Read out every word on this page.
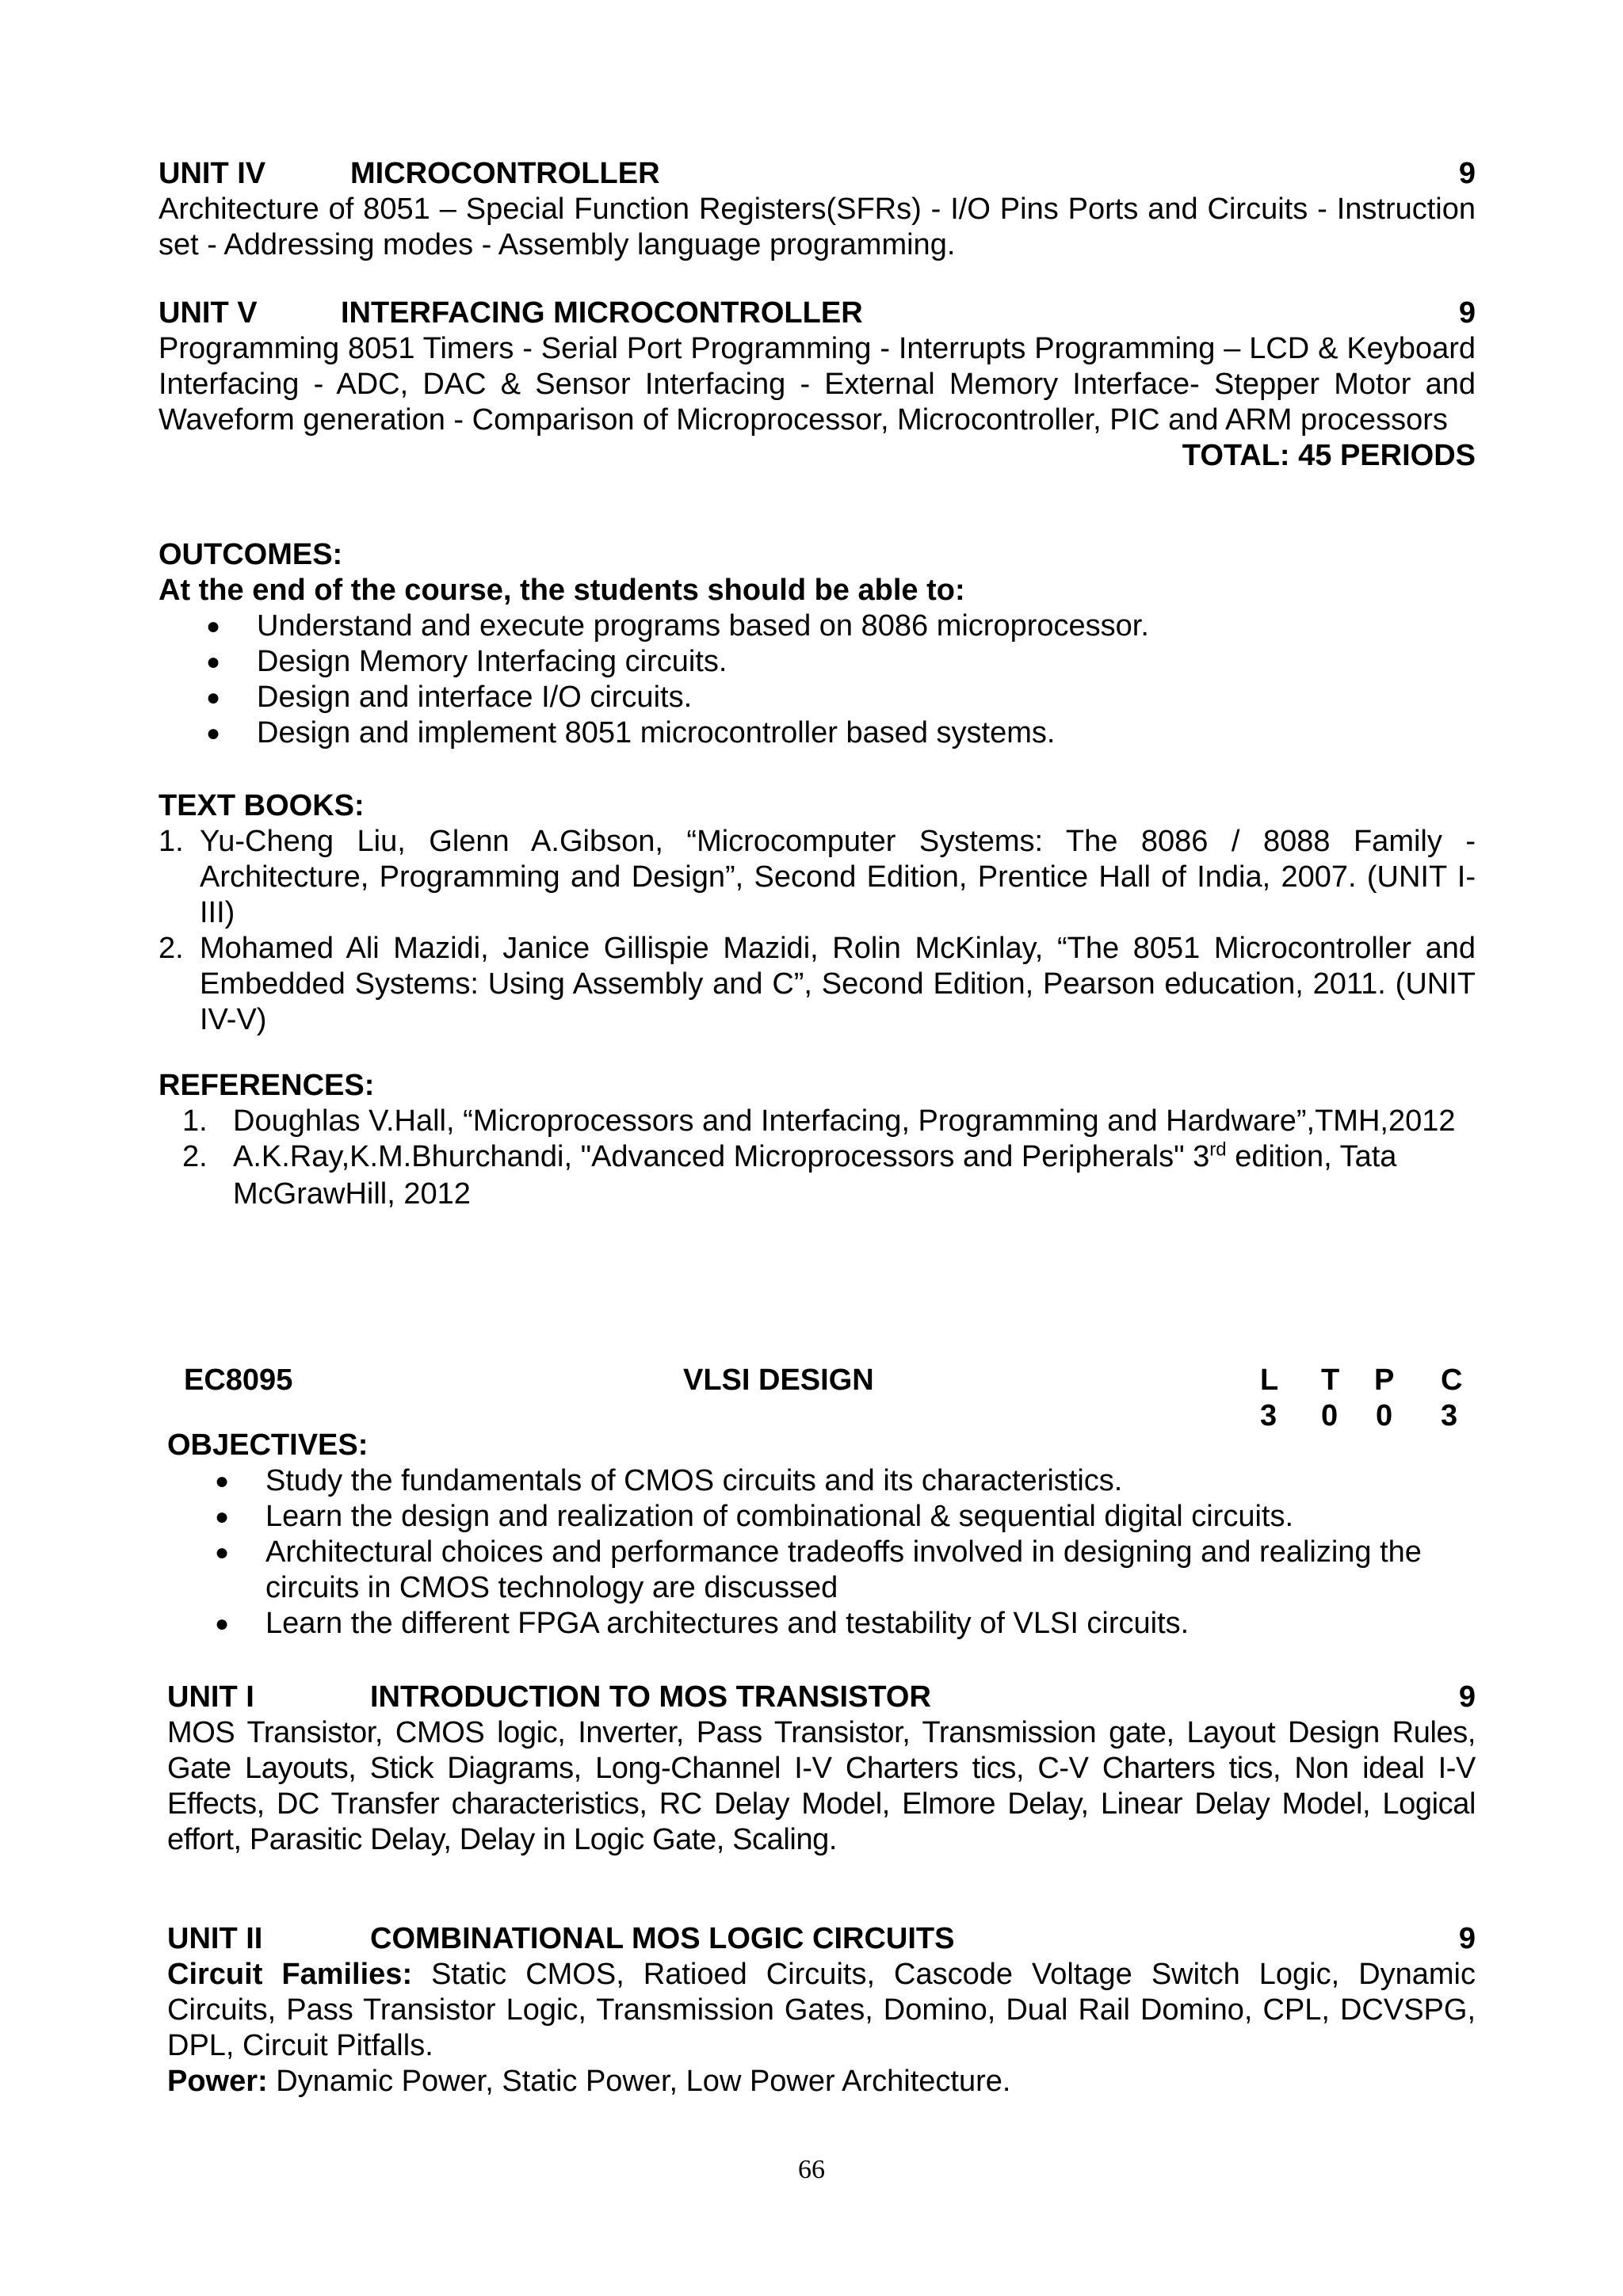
UNIT IV	MICROCONTROLLER	9
Architecture of 8051 – Special Function Registers(SFRs) - I/O Pins Ports and Circuits - Instruction set - Addressing modes - Assembly language programming.
UNIT V	INTERFACING MICROCONTROLLER	9
Programming 8051 Timers - Serial Port Programming - Interrupts Programming – LCD & Keyboard Interfacing - ADC, DAC & Sensor Interfacing - External Memory Interface- Stepper Motor and Waveform generation - Comparison of Microprocessor, Microcontroller, PIC and ARM processors
TOTAL: 45 PERIODS
OUTCOMES:
At the end of the course, the students should be able to:
● Understand and execute programs based on 8086 microprocessor.
● Design Memory Interfacing circuits.
● Design and interface I/O circuits.
● Design and implement 8051 microcontroller based systems.
TEXT BOOKS:
1. Yu-Cheng Liu, Glenn A.Gibson, “Microcomputer Systems: The 8086 / 8088 Family - Architecture, Programming and Design”, Second Edition, Prentice Hall of India, 2007. (UNIT I-III)
2. Mohamed Ali Mazidi, Janice Gillispie Mazidi, Rolin McKinlay, “The 8051 Microcontroller and Embedded Systems: Using Assembly and C”, Second Edition, Pearson education, 2011. (UNIT IV-V)
REFERENCES:
1. Doughlas V.Hall, “Microprocessors and Interfacing, Programming and Hardware”,TMH,2012
2. A.K.Ray,K.M.Bhurchandi, "Advanced Microprocessors and Peripherals" 3rd edition, Tata
McGrawHill, 2012
EC8095	VLSI DESIGN	L T P C
3 0 0 3
OBJECTIVES:
● Study the fundamentals of CMOS circuits and its characteristics.
● Learn the design and realization of combinational & sequential digital circuits.
● Architectural choices and performance tradeoffs involved in designing and realizing the circuits in CMOS technology are discussed
● Learn the different FPGA architectures and testability of VLSI circuits.
UNIT I	INTRODUCTION TO MOS TRANSISTOR	9
MOS Transistor, CMOS logic, Inverter, Pass Transistor, Transmission gate, Layout Design Rules, Gate Layouts, Stick Diagrams, Long-Channel I-V Charters tics, C-V Charters tics, Non ideal I-V Effects, DC Transfer characteristics, RC Delay Model, Elmore Delay, Linear Delay Model, Logical effort, Parasitic Delay, Delay in Logic Gate, Scaling.
UNIT II	COMBINATIONAL MOS LOGIC CIRCUITS	9
Circuit Families: Static CMOS, Ratioed Circuits, Cascode Voltage Switch Logic, Dynamic Circuits, Pass Transistor Logic, Transmission Gates, Domino, Dual Rail Domino, CPL, DCVSPG, DPL, Circuit Pitfalls.
Power: Dynamic Power, Static Power, Low Power Architecture.
66
